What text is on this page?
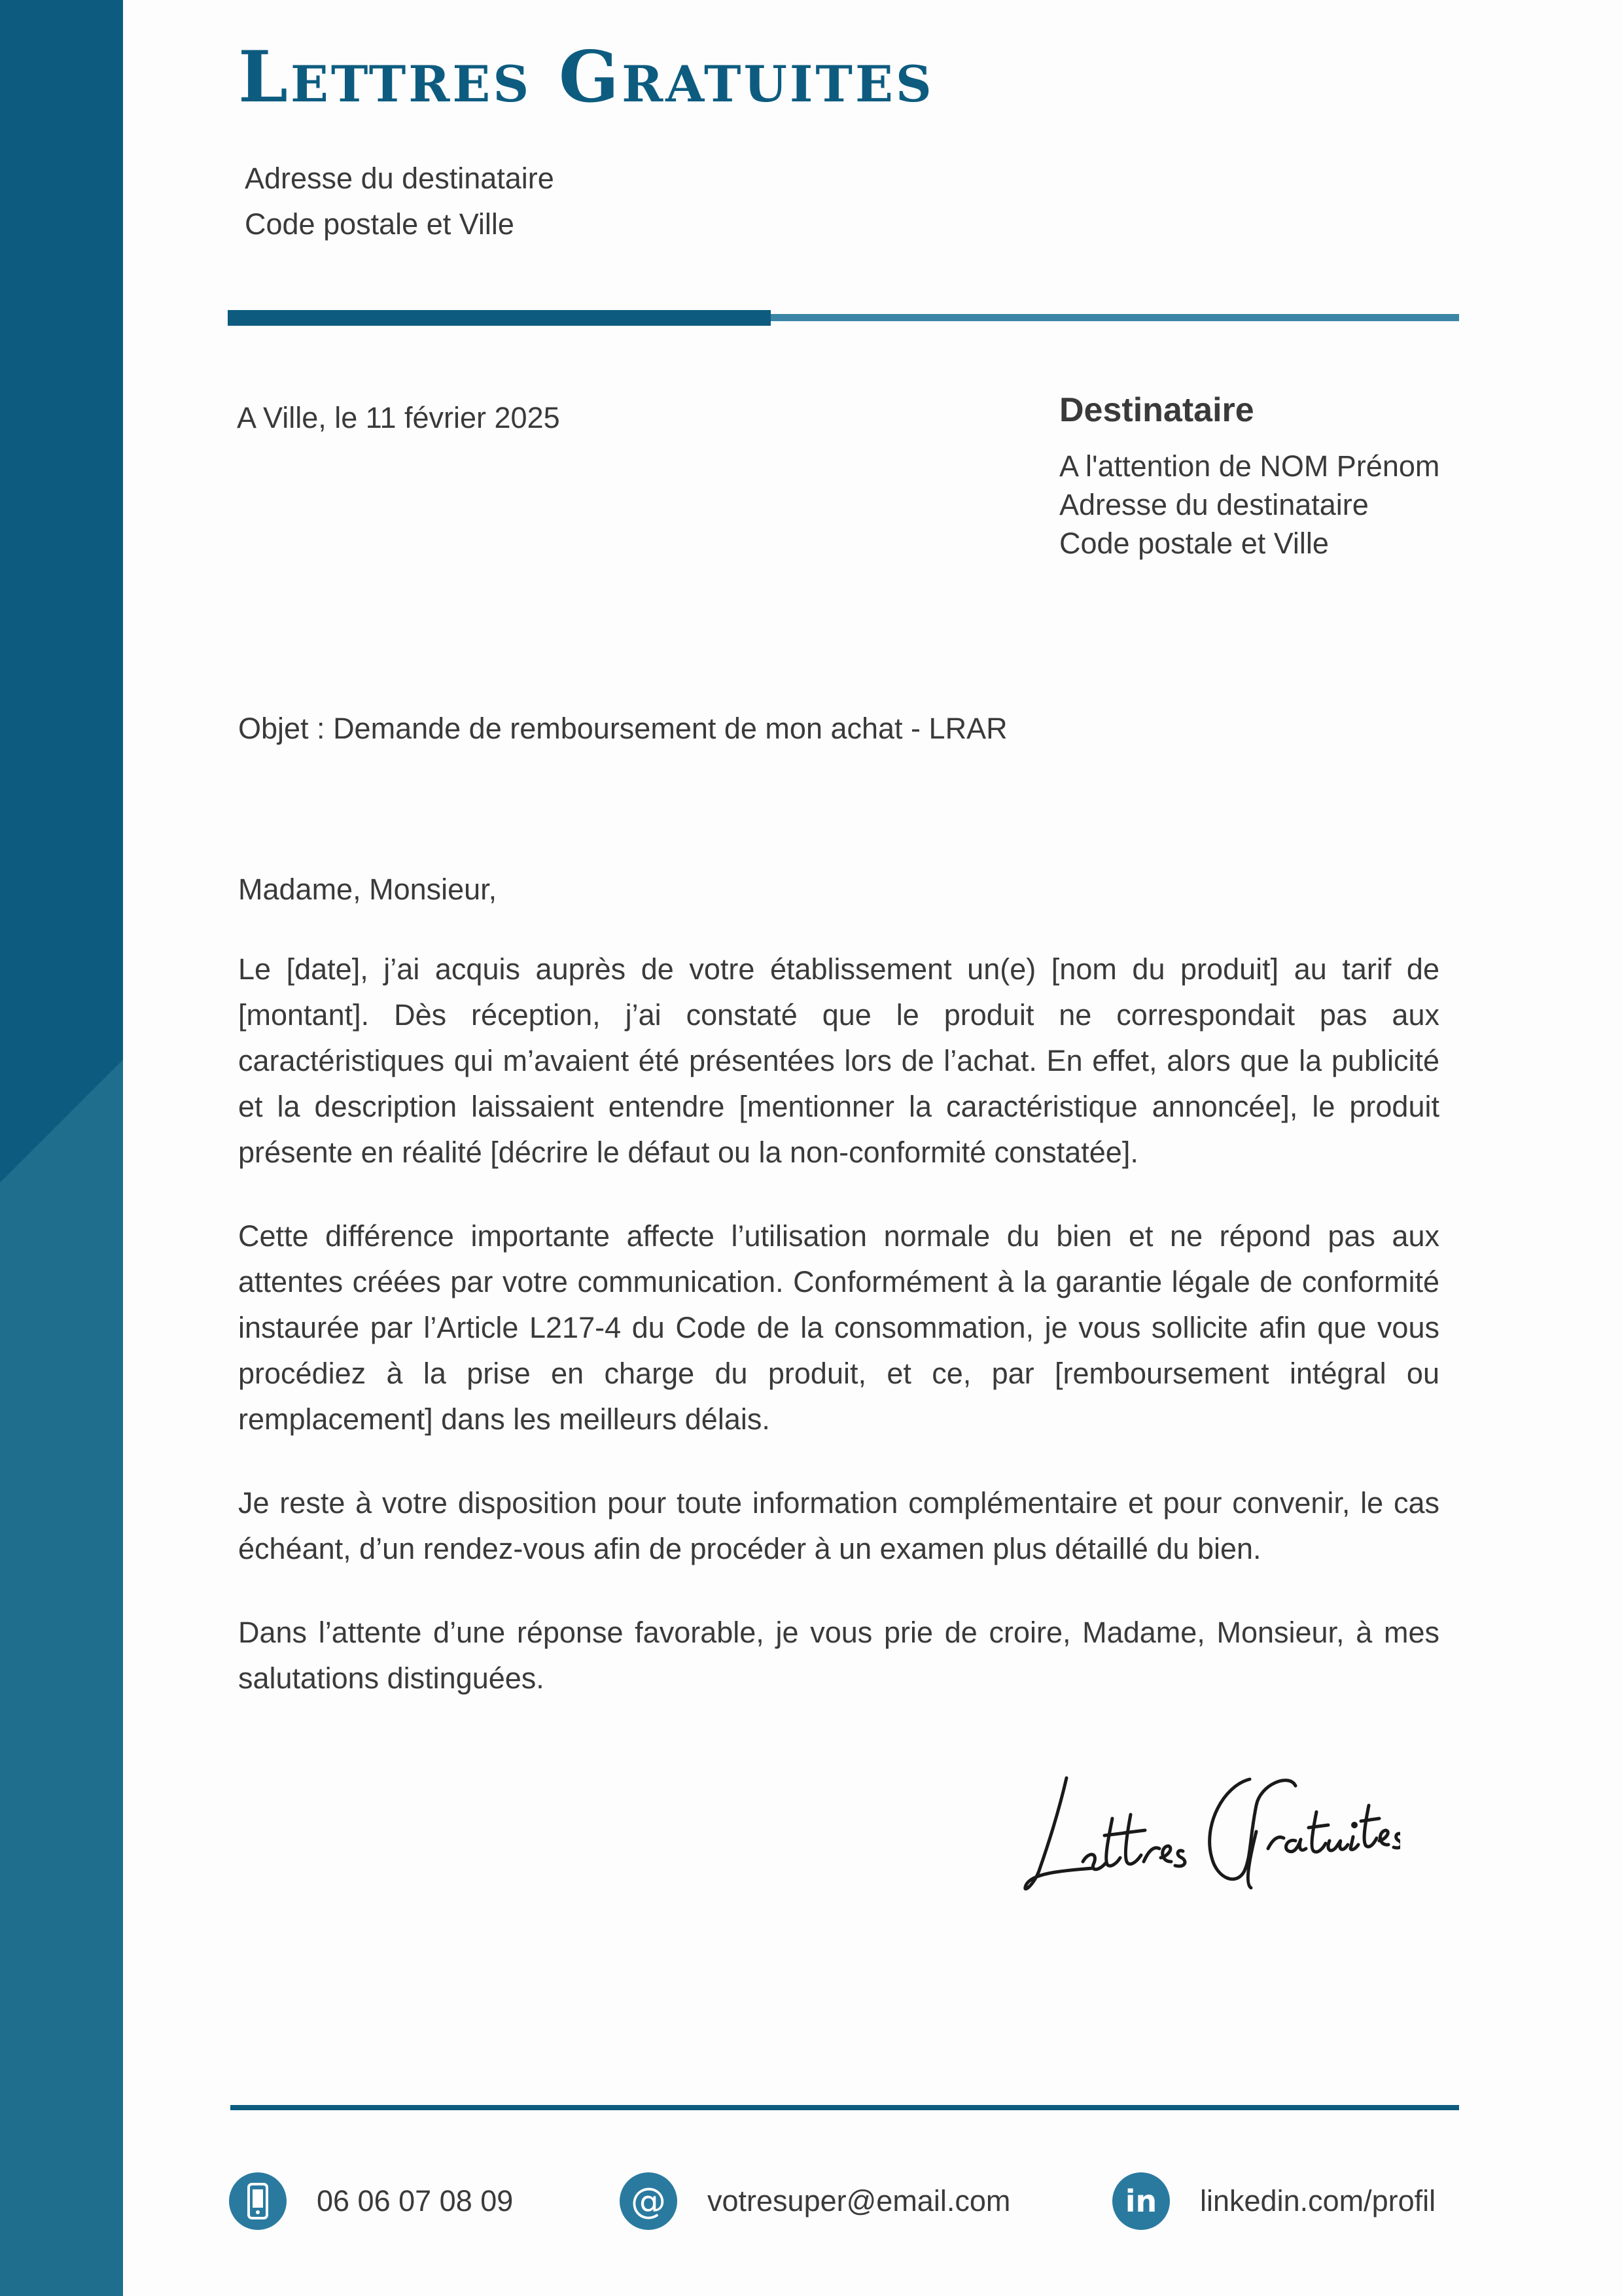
Lettres Gratuites
Adresse du destinataire
Code postale et Ville
A Ville, le 11 février 2025	Destinataire
A l'attention de NOM Prénom
Adresse du destinataire
Code postale et Ville
Objet : Demande de remboursement de mon achat - LRAR

Madame, Monsieur,

Le [date], j’ai acquis auprès de votre établissement un(e) [nom du produit] au tarif de [montant]. Dès réception, j’ai constaté que le produit ne correspondait pas aux caractéristiques qui m’avaient été présentées lors de l’achat. En effet, alors que la publicité et la description laissaient entendre [mentionner la caractéristique annoncée], le produit présente en réalité [décrire le défaut ou la non-conformité constatée].

Cette différence importante affecte l’utilisation normale du bien et ne répond pas aux attentes créées par votre communication. Conformément à la garantie légale de conformité instaurée par l’Article L217-4 du Code de la consommation, je vous sollicite afin que vous procédiez à la prise en charge du produit, et ce, par [remboursement intégral ou remplacement] dans les meilleurs délais.

Je reste à votre disposition pour toute information complémentaire et pour convenir, le cas échéant, d’un rendez-vous afin de procéder à un examen plus détaillé du bien.

Dans l’attente d’une réponse favorable, je vous prie de croire, Madame, Monsieur, à mes salutations distinguées.

06 06 07 08 09	@ votresuper@email.com	in linkedin.com/profil
